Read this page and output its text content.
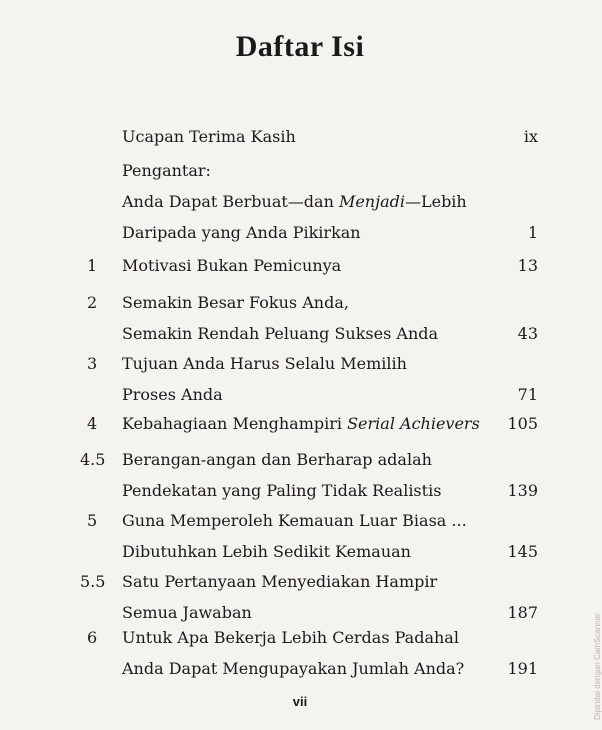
Daftar Isi
Ucapan Terima Kasih	ix
Pengantar:
Anda Dapat Berbuat—dan Menjadi—Lebih
Daripada yang Anda Pikirkan	1
1 Motivasi Bukan Pemicunya	13
2 Semakin Besar Fokus Anda,
Semakin Rendah Peluang Sukses Anda	43
3 Tujuan Anda Harus Selalu Memilih
Proses Anda	71
4 Kebahagiaan Menghampiri Serial Achievers	105
4.5 Berangan-angan dan Berharap adalah
Pendekatan yang Paling Tidak Realistis	139
5 Guna Memperoleh Kemauan Luar Biasa ...
Dibutuhkan Lebih Sedikit Kemauan	145
5.5 Satu Pertanyaan Menyediakan Hampir
Semua Jawaban	187
6 Untuk Apa Bekerja Lebih Cerdas Padahal
Anda Dapat Mengupayakan Jumlah Anda?	191
vii	Dipindai dengan CamScanner
